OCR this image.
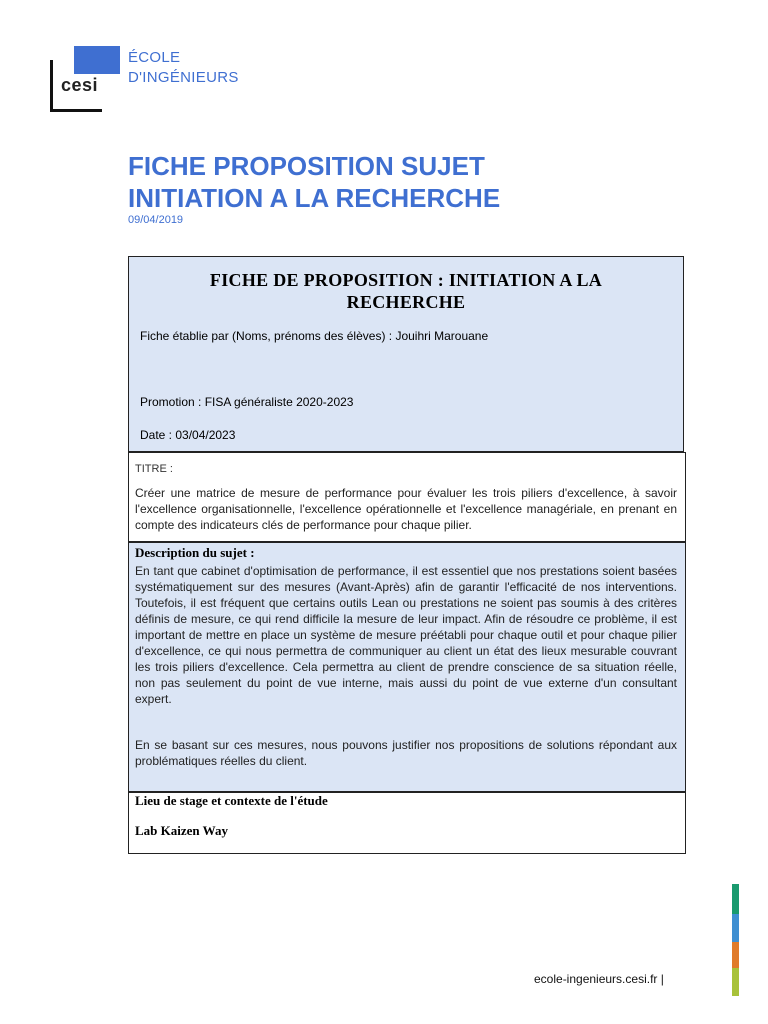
cesi
ÉCOLE
D'INGÉNIEURS
FICHE PROPOSITION SUJET
INITIATION A LA RECHERCHE
09/04/2019
FICHE DE PROPOSITION : INITIATION A LA RECHERCHE
Fiche établie par (Noms, prénoms des élèves) : Jouihri Marouane
Promotion : FISA généraliste 2020-2023
Date : 03/04/2023
TITRE :
Créer une matrice de mesure de performance pour évaluer les trois piliers d'excellence, à savoir l'excellence organisationnelle, l'excellence opérationnelle et l'excellence managériale, en prenant en compte des indicateurs clés de performance pour chaque pilier.
Description du sujet :
En tant que cabinet d'optimisation de performance, il est essentiel que nos prestations soient basées systématiquement sur des mesures (Avant-Après) afin de garantir l'efficacité de nos interventions. Toutefois, il est fréquent que certains outils Lean ou prestations ne soient pas soumis à des critères définis de mesure, ce qui rend difficile la mesure de leur impact. Afin de résoudre ce problème, il est important de mettre en place un système de mesure préétabli pour chaque outil et pour chaque pilier d'excellence, ce qui nous permettra de communiquer au client un état des lieux mesurable couvrant les trois piliers d'excellence. Cela permettra au client de prendre conscience de sa situation réelle, non pas seulement du point de vue interne, mais aussi du point de vue externe d'un consultant expert.
En se basant sur ces mesures, nous pouvons justifier nos propositions de solutions répondant aux problématiques réelles du client.
Lieu de stage et contexte de l'étude
Lab Kaizen Way
ecole-ingenieurs.cesi.fr |
